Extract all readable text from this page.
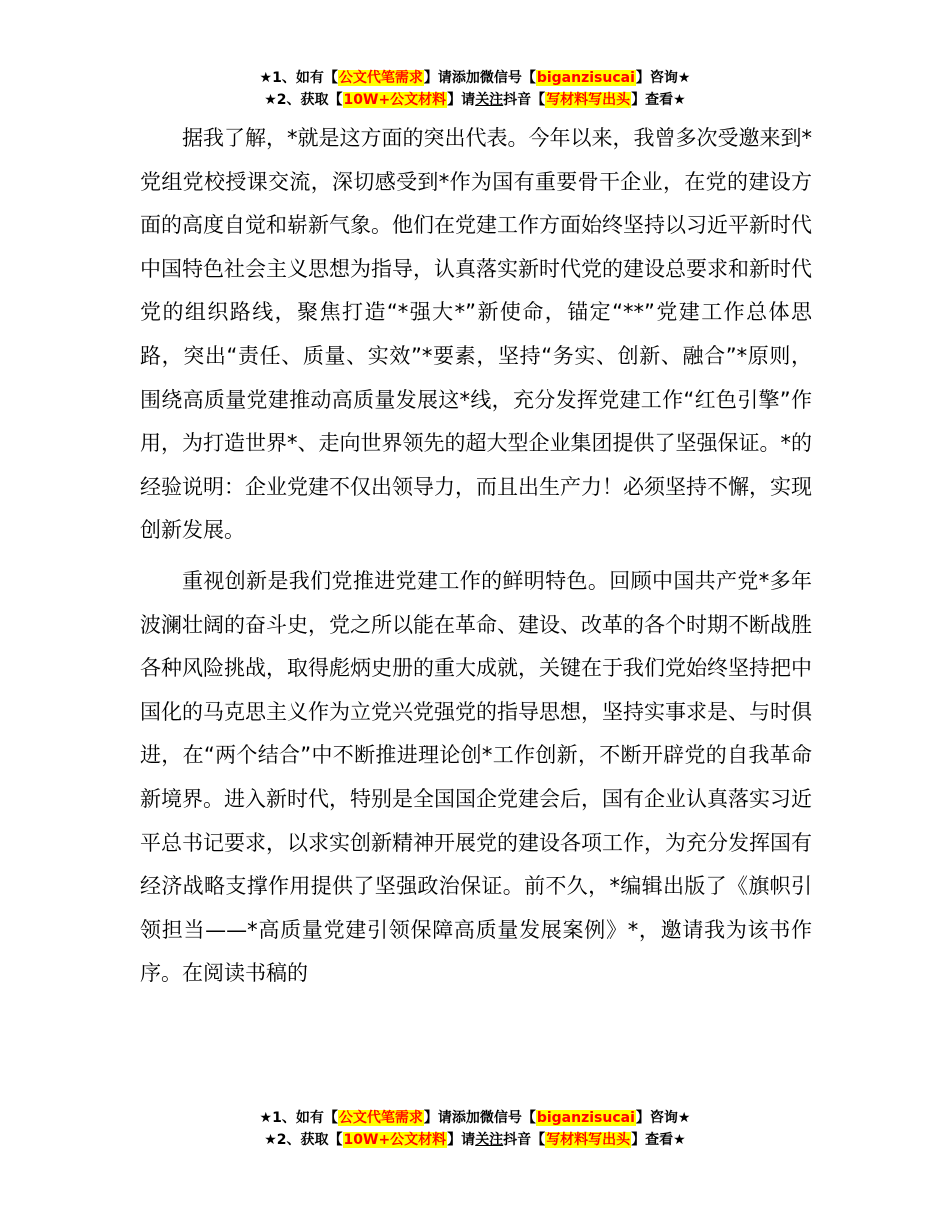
★1、如有【公文代笔需求】请添加微信号【biganzisucai】咨询★
★2、获取【10W+公文材料】请关注抖音【写材料写出头】查看★

据我了解，*就是这方面的突出代表。今年以来，我曾多次受邀来到*党组党校授课交流，深切感受到*作为国有重要骨干企业，在党的建设方面的高度自觉和崭新气象。他们在党建工作方面始终坚持以习近平新时代中国特色社会主义思想为指导，认真落实新时代党的建设总要求和新时代党的组织路线，聚焦打造“*强大*”新使命，锚定“**”党建工作总体思路，突出“责任、质量、实效”*要素，坚持“务实、创新、融合”*原则，围绕高质量党建推动高质量发展这*线，充分发挥党建工作“红色引擎”作用，为打造世界*、走向世界领先的超大型企业集团提供了坚强保证。*的经验说明：企业党建不仅出领导力，而且出生产力！必须坚持不懈，实现创新发展。

重视创新是我们党推进党建工作的鲜明特色。回顾中国共产党*多年波澜壮阔的奋斗史，党之所以能在革命、建设、改革的各个时期不断战胜各种风险挑战，取得彪炳史册的重大成就，关键在于我们党始终坚持把中国化的马克思主义作为立党兴党强党的指导思想，坚持实事求是、与时俱进，在“两个结合”中不断推进理论创*工作创新，不断开辟党的自我革命新境界。进入新时代，特别是全国国企党建会后，国有企业认真落实习近平总书记要求，以求实创新精神开展党的建设各项工作，为充分发挥国有经济战略支撑作用提供了坚强政治保证。前不久，*编辑出版了《旗帜引领担当——*高质量党建引领保障高质量发展案例》*，邀请我为该书作序。在阅读书稿的

★1、如有【公文代笔需求】请添加微信号【biganzisucai】咨询★
★2、获取【10W+公文材料】请关注抖音【写材料写出头】查看★
